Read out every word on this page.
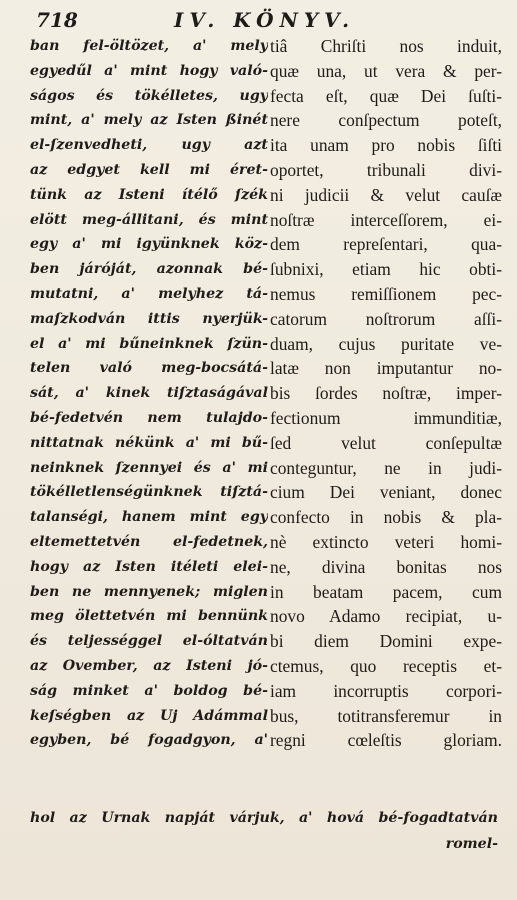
718	IV. KÖNYV.
ban fel-öltözet, a' mely
egyedűl a' mint hogy való-
ságos és tökélletes, ugy
mint, a' mely az Isten ßinét
el-ſzenvedheti, ugy azt
az edgyet kell mi éret-
tünk az Isteni ítélő ſzék
elött meg-állitani, és mint
egy a' mi igyünknek köz-
ben járóját, azonnak bé-
mutatni, a' melyhez tá-
maſzkodván ittis nyerjük-
el a' mi bűneinknek ſzün-
telen való meg-bocsátá-
sát, a' kinek tiſztaságával
bé-fedetvén nem tulajdo-
nittatnak nékünk a' mi bű-
neinknek ſzennyei és a' mi
tökélletlenségünknek tiſztá-
talanségi, hanem mint egy
eltemettetvén el-fedetnek,
hogy az Isten itéleti elei-
ben ne mennyenek; miglen
meg ölettetvén mi bennünk
és teljességgel el-óltatván
az Ovember, az Isteni jó-
ság minket a' boldog bé-
keſségben az Uj Adámmal
egyben, bé fogadgyon, a'
tiâ Chriſti nos induit,
quæ una, ut vera & per-
fecta eſt, quæ Dei ſuſti-
nere conſpectum poteſt,
ita unam pro nobis ſiſti
oportet, tribunali divi-
ni judicii & velut cauſæ
noſtræ interceſſorem, ei-
dem repreſentari, qua-
ſubnixi, etiam hic obti-
nemus remiſſionem pec-
catorum noſtrorum aſſi-
duam, cujus puritate ve-
latæ non imputantur no-
bis ſordes noſtræ, imper-
fectionum immunditiæ,
ſed velut conſepultæ
conteguntur, ne in judi-
cium Dei veniant, donec
confecto in nobis & pla-
nè extincto veteri homi-
ne, divina bonitas nos
in beatam pacem, cum
novo Adamo recipiat, u-
bi diem Domini expe-
ctemus, quo receptis et-
iam incorruptis corpori-
bus, totitransferemur in
regni cœleſtis gloriam.
hol az Urnak napját várjuk, a' hová bé-fogadtatván
romel-
